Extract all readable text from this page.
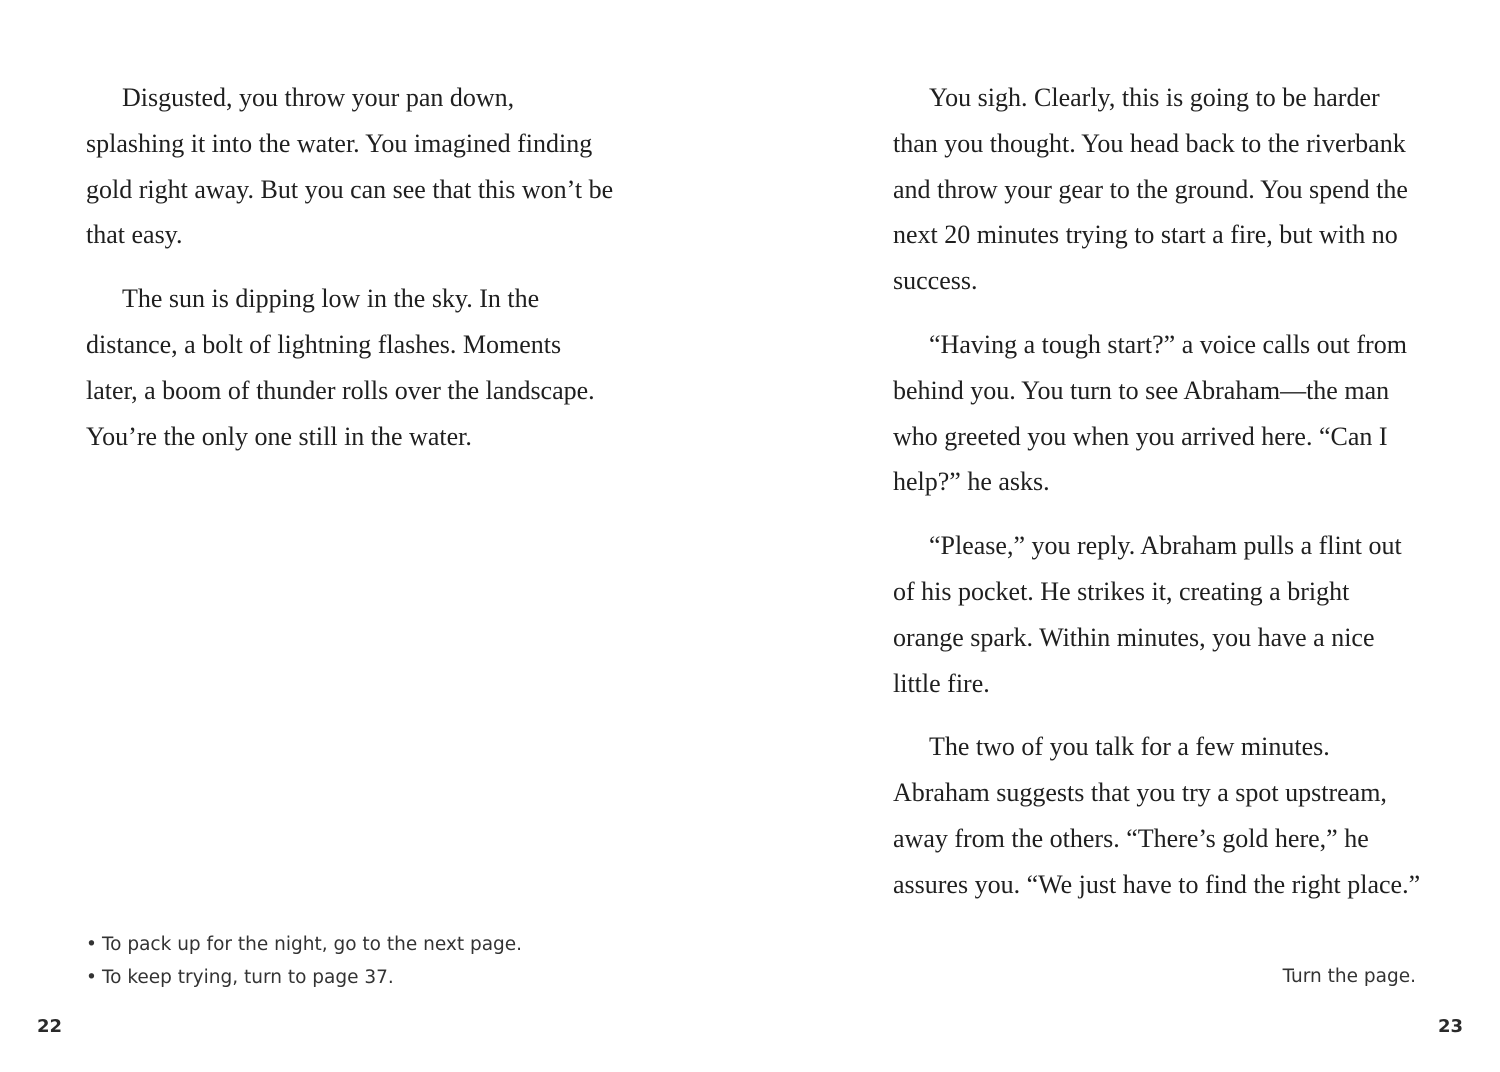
Disgusted, you throw your pan down, splashing it into the water. You imagined finding gold right away. But you can see that this won’t be that easy.

The sun is dipping low in the sky. In the distance, a bolt of lightning flashes. Moments later, a boom of thunder rolls over the landscape. You’re the only one still in the water.

• To pack up for the night, go to the next page.
• To keep trying, turn to page 37.
22

You sigh. Clearly, this is going to be harder than you thought. You head back to the riverbank and throw your gear to the ground. You spend the next 20 minutes trying to start a fire, but with no success.

“Having a tough start?” a voice calls out from behind you. You turn to see Abraham—the man who greeted you when you arrived here. “Can I help?” he asks.

“Please,” you reply. Abraham pulls a flint out of his pocket. He strikes it, creating a bright orange spark. Within minutes, you have a nice little fire.

The two of you talk for a few minutes. Abraham suggests that you try a spot upstream, away from the others. “There’s gold here,” he assures you. “We just have to find the right place.”

Turn the page.
23
